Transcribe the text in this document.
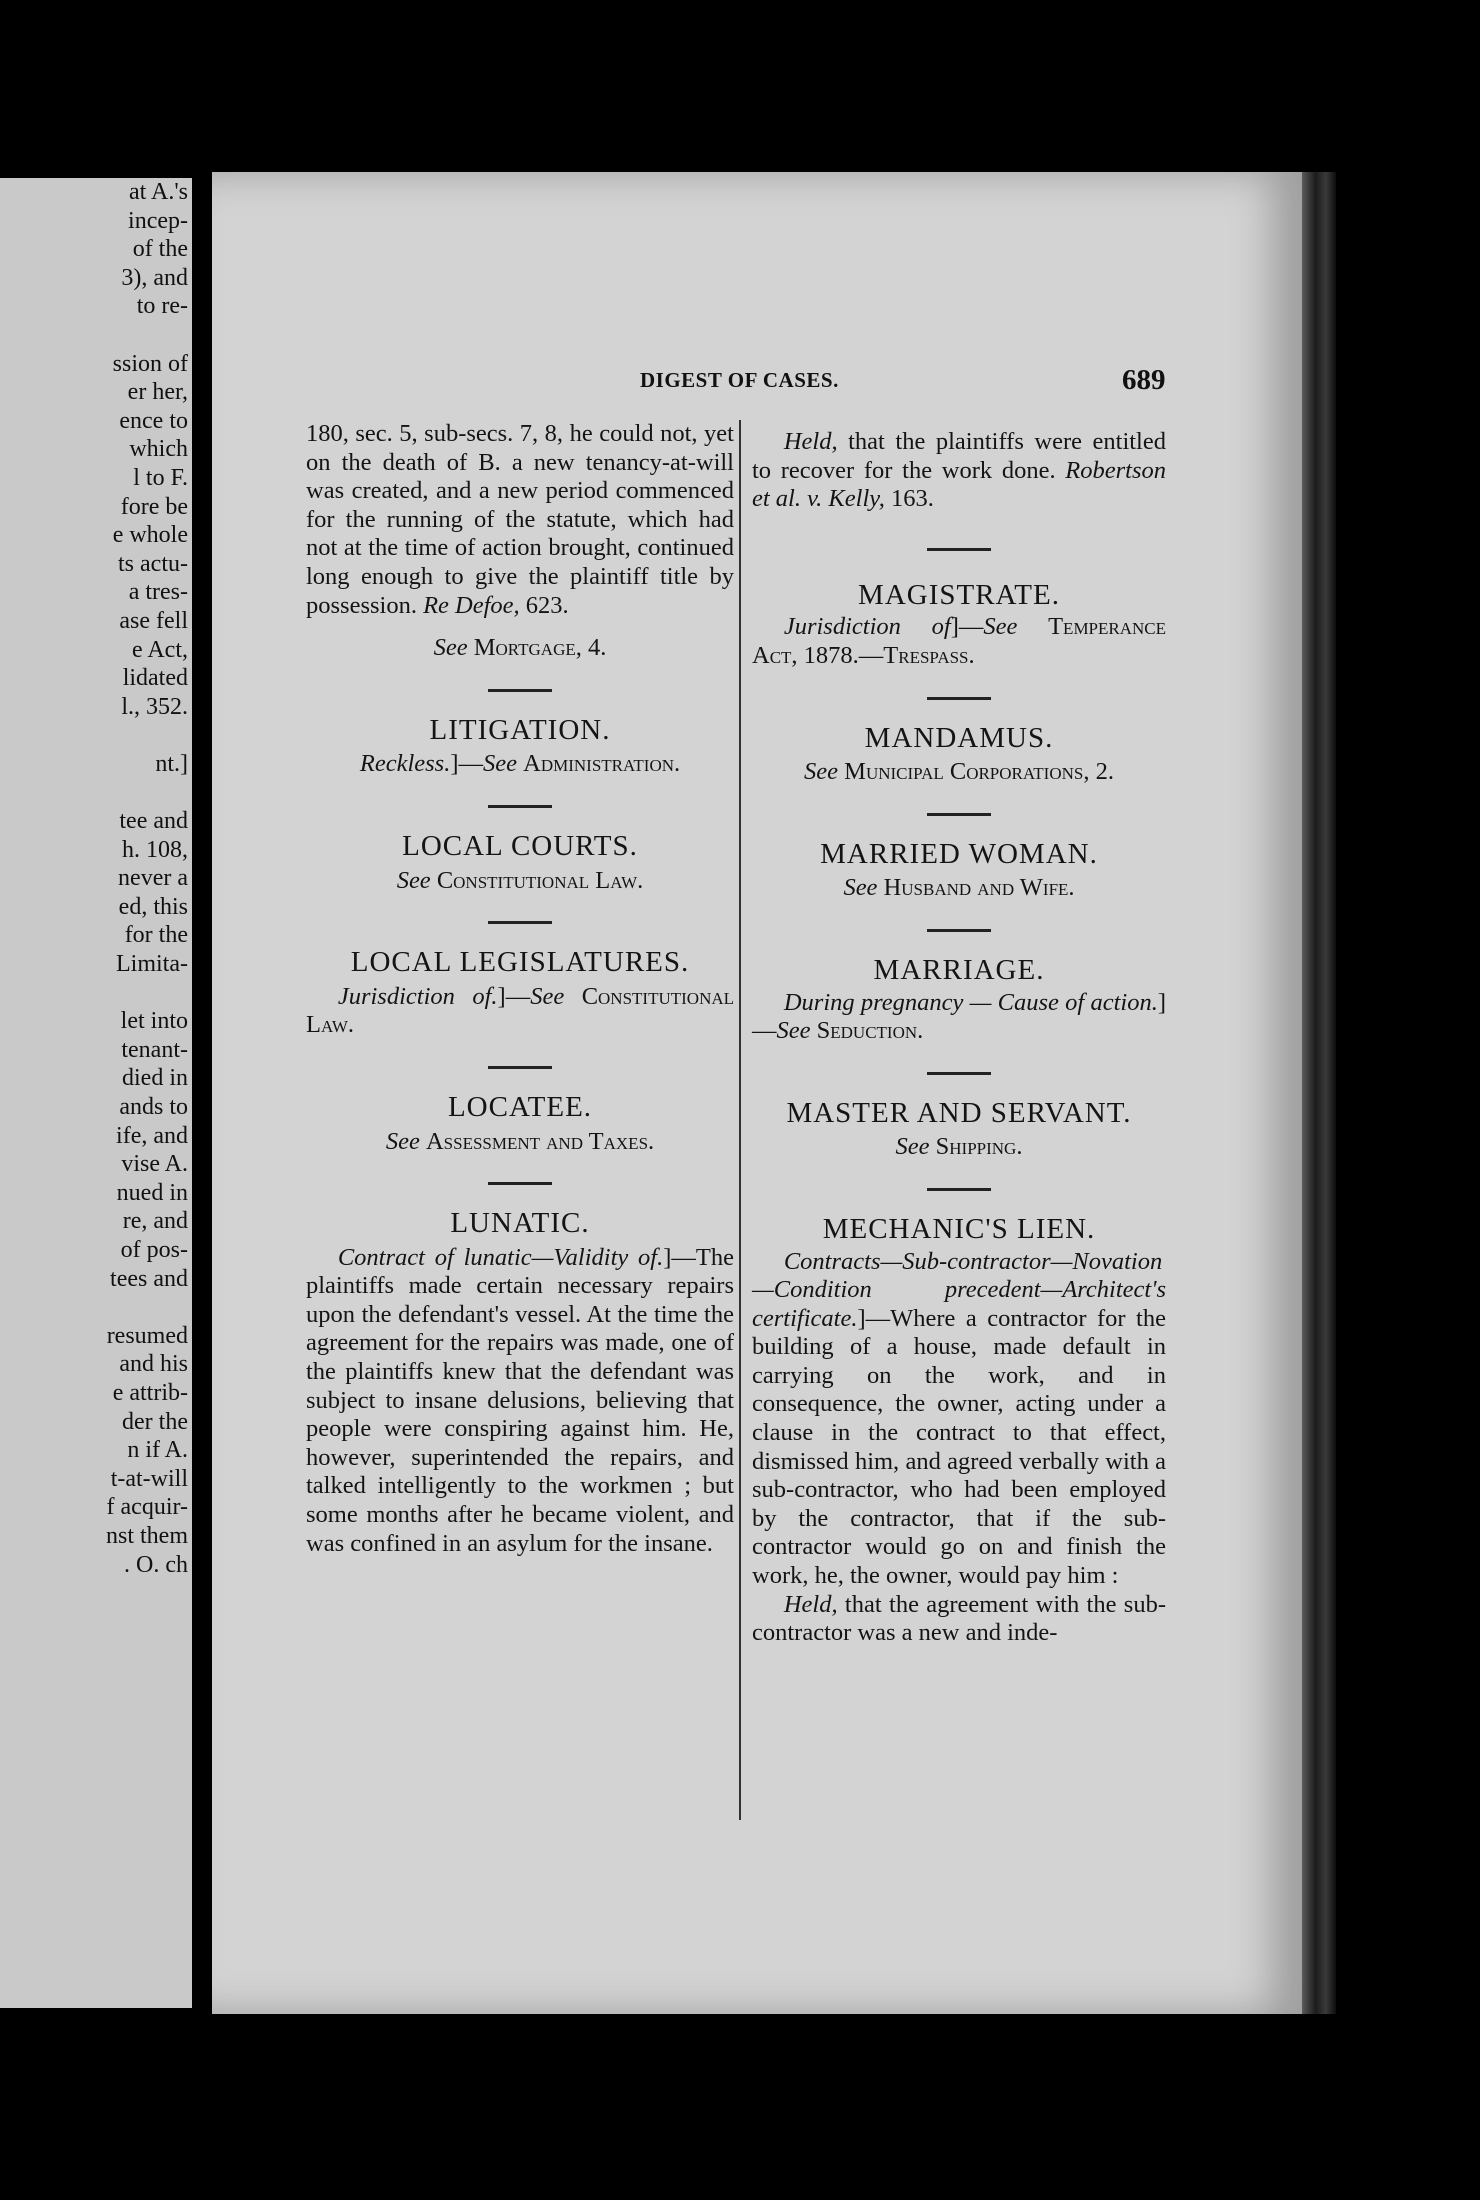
at A.'s
incep-
of the
3), and
to re-

ssion of
er her,
ence to
which
l to F.
fore be
e whole
ts actu-
a tres-
ase fell
e Act,
lidated
l., 352.

nt.]

tee and
h. 108,
never a
ed, this
for the
Limita-

let into
tenant-
died in
ands to
ife, and
vise A.
nued in
re, and
of pos-
tees and

resumed
and his
e attrib-
der the
n if A.
t-at-will
f acquir-
nst them
. O. ch
DIGEST OF CASES.	689

180, sec. 5, sub-secs. 7, 8, he could not, yet on the death of B. a new tenancy-at-will was created, and a new period commenced for the running of the statute, which had not at the time of action brought, continued long enough to give the plaintiff title by possession. Re Defoe, 623.

See Mortgage, 4.

LITIGATION.

Reckless.]—See Administration.

LOCAL COURTS.

See Constitutional Law.

LOCAL LEGISLATURES.

Jurisdiction of.]—See Constitutional Law.

LOCATEE.

See Assessment and Taxes.

LUNATIC.

Contract of lunatic—Validity of.]—The plaintiffs made certain necessary repairs upon the defendant's vessel. At the time the agreement for the repairs was made, one of the plaintiffs knew that the defendant was subject to insane delusions, believing that people were conspiring against him. He, however, superintended the repairs, and talked intelligently to the workmen ; but some months after he became violent, and was confined in an asylum for the insane.

Held, that the plaintiffs were entitled to recover for the work done. Robertson et al. v. Kelly, 163.

MAGISTRATE.

Jurisdiction of]—See Temperance Act, 1878.—Trespass.

MANDAMUS.

See Municipal Corporations, 2.

MARRIED WOMAN.

See Husband and Wife.

MARRIAGE.

During pregnancy — Cause of action.]—See Seduction.

MASTER AND SERVANT.

See Shipping.

MECHANIC'S LIEN.

Contracts—Sub-contractor—Novation—Condition precedent—Architect's certificate.]—Where a contractor for the building of a house, made default in carrying on the work, and in consequence, the owner, acting under a clause in the contract to that effect, dismissed him, and agreed verbally with a sub-contractor, who had been employed by the contractor, that if the sub-contractor would go on and finish the work, he, the owner, would pay him :

Held, that the agreement with the sub-contractor was a new and inde-
